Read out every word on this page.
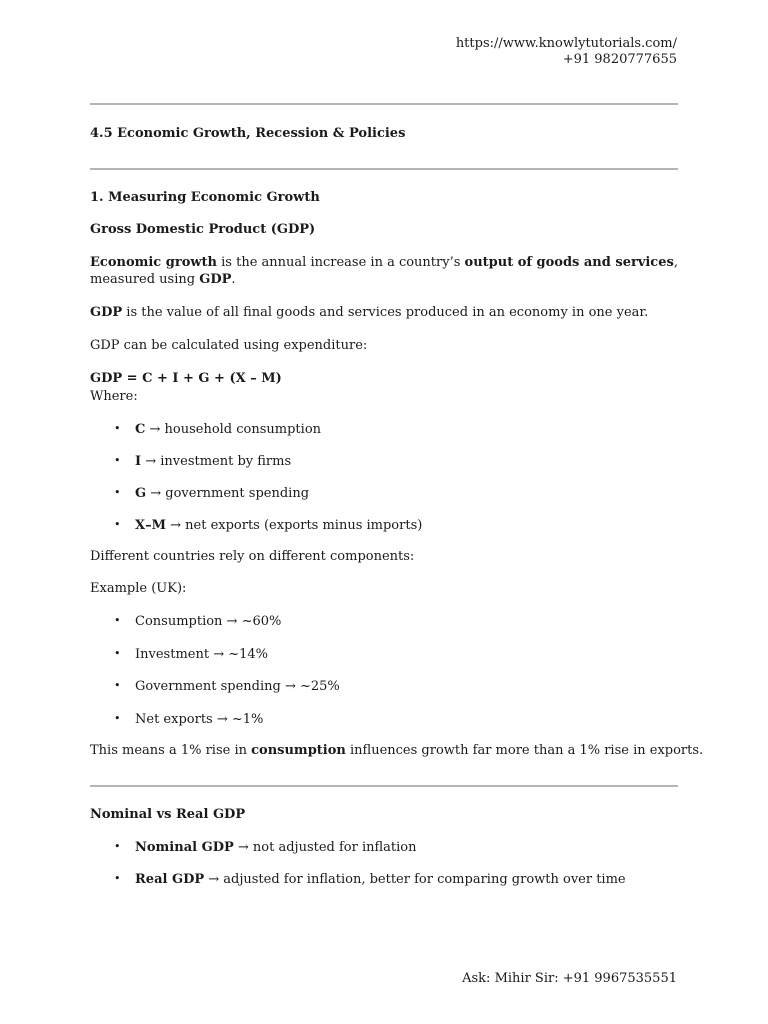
https://www.knowlytutorials.com/
+91 9820777655
4.5 Economic Growth, Recession & Policies
1. Measuring Economic Growth
Gross Domestic Product (GDP)
Economic growth is the annual increase in a country’s output of goods and services, measured using GDP.
GDP is the value of all final goods and services produced in an economy in one year.
GDP can be calculated using expenditure:
GDP = C + I + G + (X – M)
Where:
• C → household consumption
• I → investment by firms
• G → government spending
• X–M → net exports (exports minus imports)
Different countries rely on different components:
Example (UK):
• Consumption → ~60%
• Investment → ~14%
• Government spending → ~25%
• Net exports → ~1%
This means a 1% rise in consumption influences growth far more than a 1% rise in exports.
Nominal vs Real GDP
• Nominal GDP → not adjusted for inflation
• Real GDP → adjusted for inflation, better for comparing growth over time
Ask: Mihir Sir: +91 9967535551
